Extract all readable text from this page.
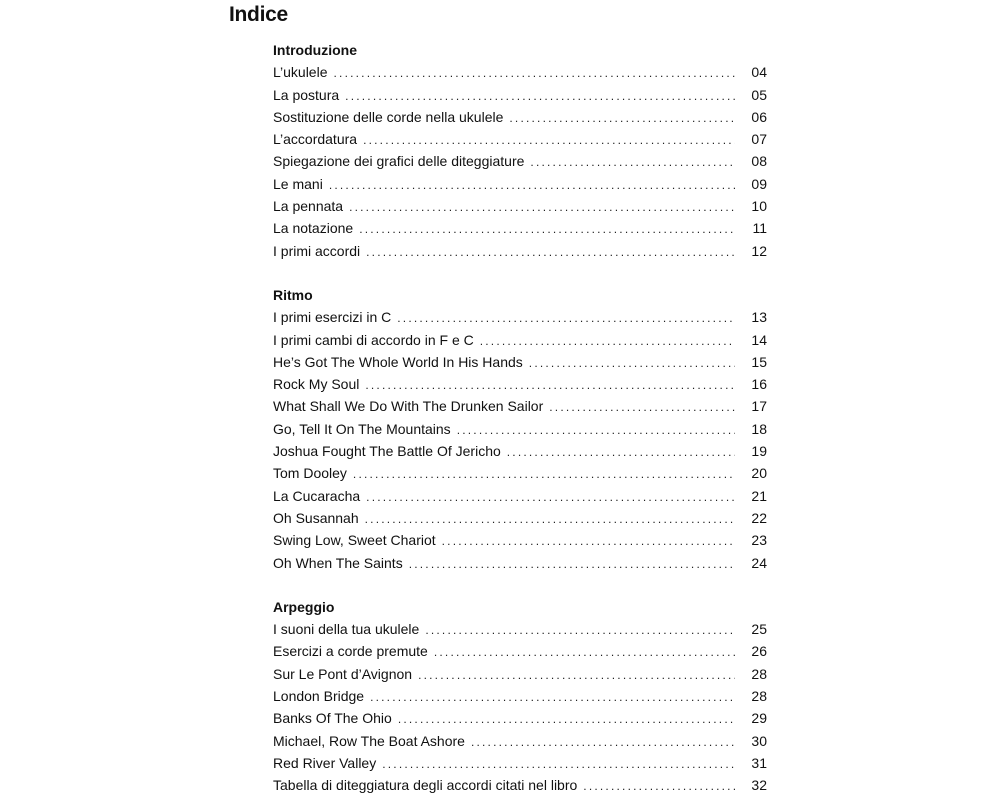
Indice
Introduzione
L’ukulele .....	04
La postura .....	05
Sostituzione delle corde nella ukulele .....	06
L’accordatura .....	07
Spiegazione dei grafici delle diteggiature .....	08
Le mani .....	09
La pennata .....	10
La notazione .....	11
I primi accordi .....	12
Ritmo
I primi esercizi in C .....	13
I primi cambi di accordo in F e C .....	14
He’s Got The Whole World In His Hands .....	15
Rock My Soul .....	16
What Shall We Do With The Drunken Sailor .....	17
Go, Tell It On The Mountains .....	18
Joshua Fought The Battle Of Jericho .....	19
Tom Dooley .....	20
La Cucaracha .....	21
Oh Susannah .....	22
Swing Low, Sweet Chariot .....	23
Oh When The Saints .....	24
Arpeggio
I suoni della tua ukulele .....	25
Esercizi a corde premute .....	26
Sur Le Pont d’Avignon .....	28
London Bridge .....	28
Banks Of The Ohio .....	29
Michael, Row The Boat Ashore .....	30
Red River Valley .....	31
Tabella di diteggiatura degli accordi citati nel libro .....	32
